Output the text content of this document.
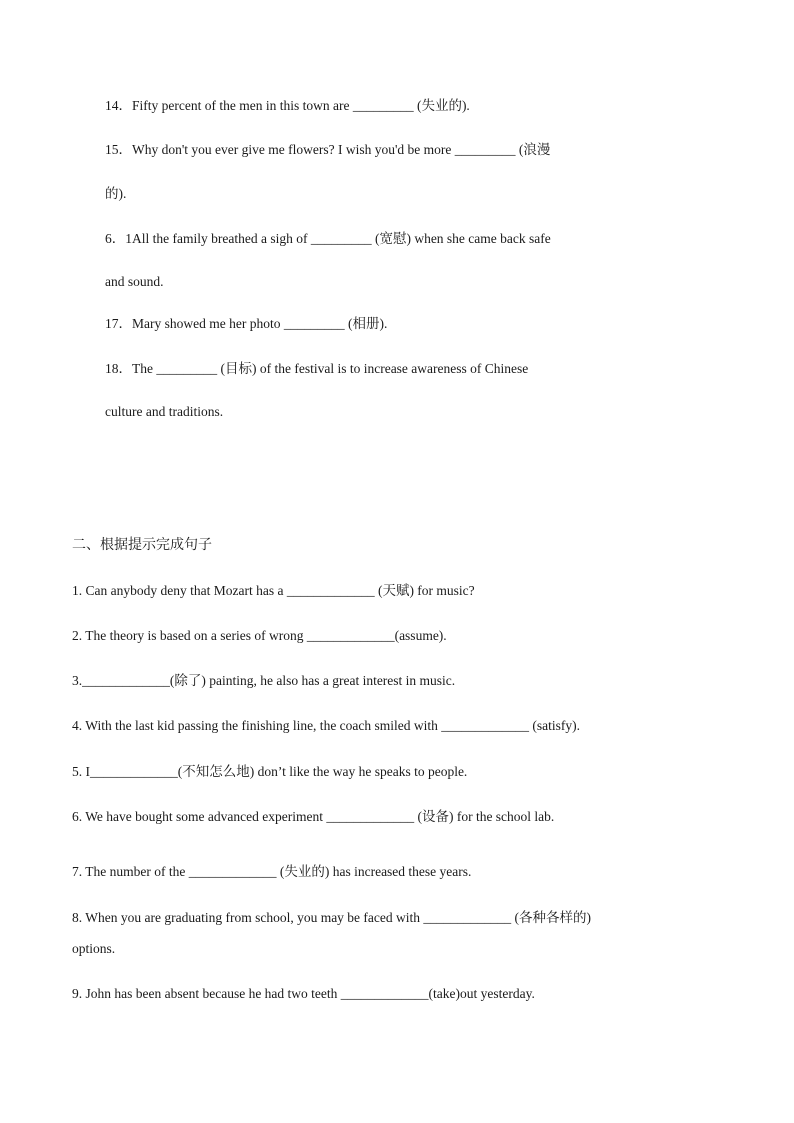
14．Fifty percent of the men in this town are _________ (失业的).
15．Why don't you ever give me flowers? I wish you'd be more _________ (浪漫
的).
6．1All the family breathed a sigh of _________ (宽慰) when she came back safe
and sound.
17．Mary showed me her photo _________ (相册).
18．The _________ (目标) of the festival is to increase awareness of Chinese
culture and traditions.
二、根据提示完成句子
1. Can anybody deny that Mozart has a _____________ (天赋) for music?
2. The theory is based on a series of wrong _____________(assume).
3._____________(除了) painting, he also has a great interest in music.
4. With the last kid passing the finishing line, the coach smiled with _____________ (satisfy).
5. I_____________(不知怎么地) don’t like the way he speaks to people.
6. We have bought some advanced experiment _____________ (设备) for the school lab.
7. The number of the _____________ (失业的) has increased these years.
8. When you are graduating from school, you may be faced with _____________ (各种各样的)
options.
9. John has been absent because he had two teeth _____________(take)out yesterday.
